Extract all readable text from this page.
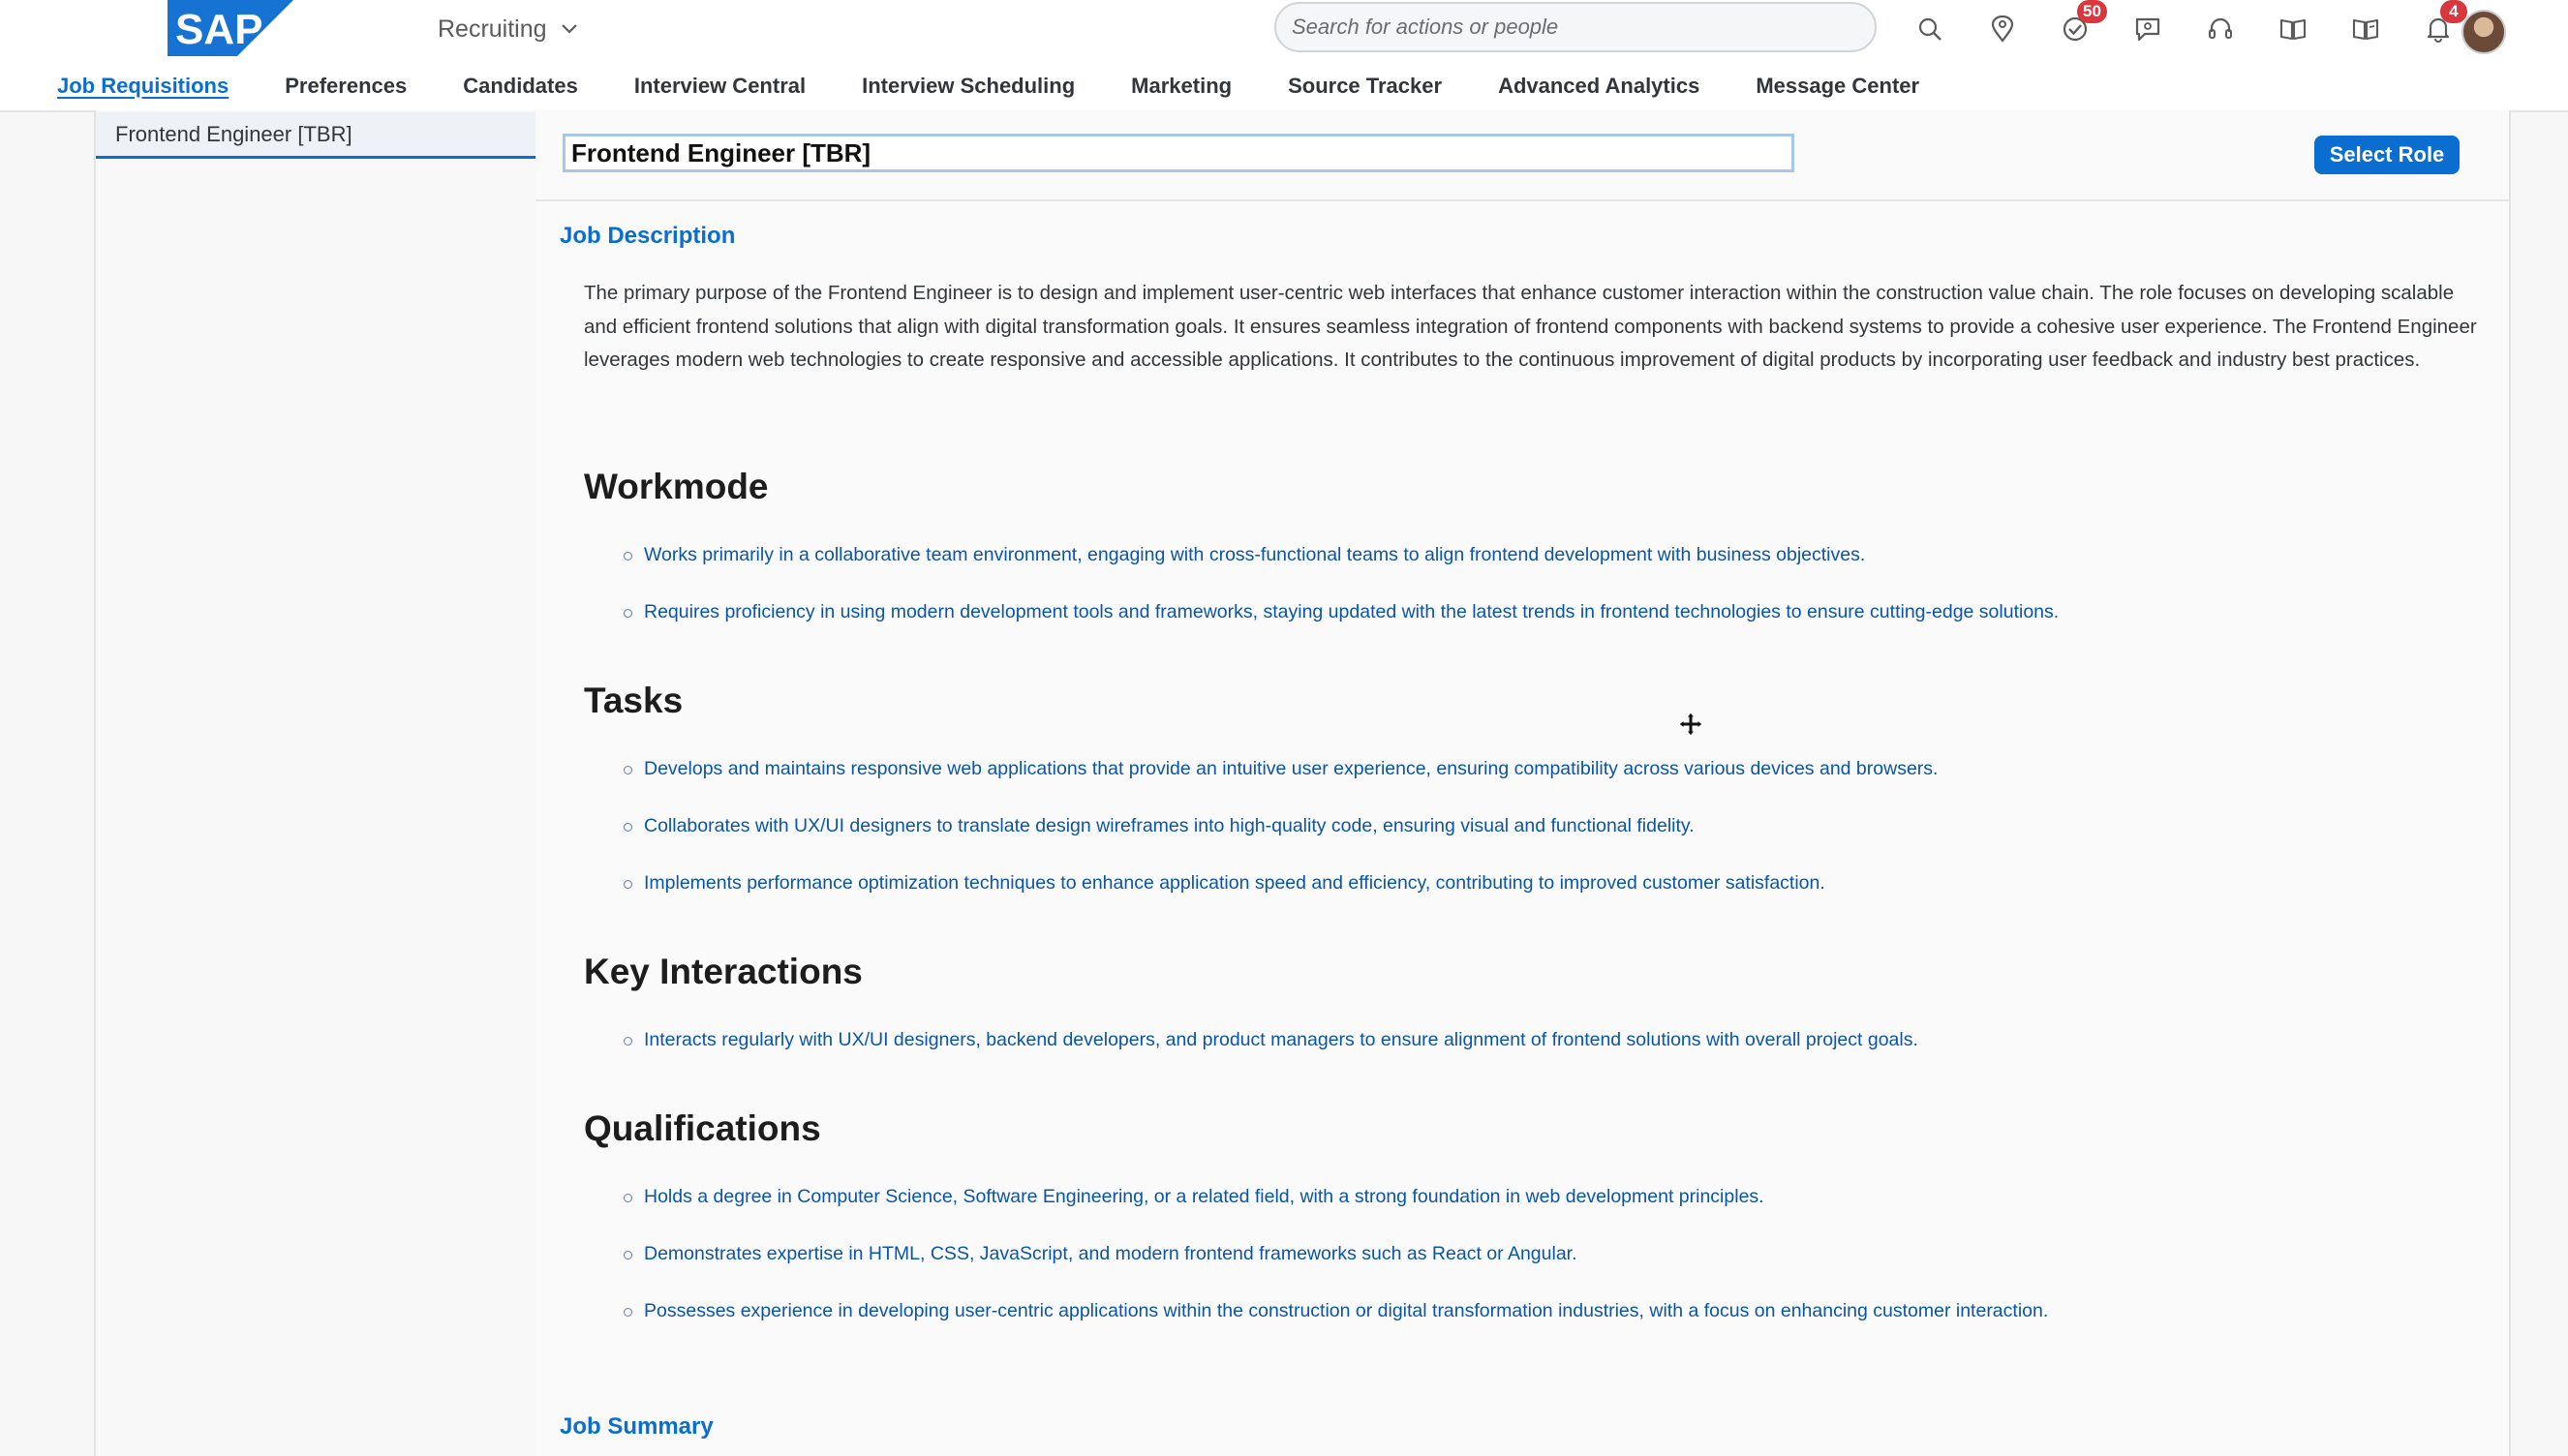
SAP	Recruiting
Search for actions or people
50	4
Job Requisitions	Preferences	Candidates	Interview Central	Interview Scheduling	Marketing	Source Tracker	Advanced Analytics	Message Center
Frontend Engineer [TBR]
Frontend Engineer [TBR]
Select Role
Job Description

The primary purpose of the Frontend Engineer is to design and implement user-centric web interfaces that enhance customer interaction within the construction value chain. The role focuses on developing scalable and efficient frontend solutions that align with digital transformation goals. It ensures seamless integration of frontend components with backend systems to provide a cohesive user experience. The Frontend Engineer leverages modern web technologies to create responsive and accessible applications. It contributes to the continuous improvement of digital products by incorporating user feedback and industry best practices.

Workmode
Works primarily in a collaborative team environment, engaging with cross-functional teams to align frontend development with business objectives.
Requires proficiency in using modern development tools and frameworks, staying updated with the latest trends in frontend technologies to ensure cutting-edge solutions.
Tasks
Develops and maintains responsive web applications that provide an intuitive user experience, ensuring compatibility across various devices and browsers.
Collaborates with UX/UI designers to translate design wireframes into high-quality code, ensuring visual and functional fidelity.
Implements performance optimization techniques to enhance application speed and efficiency, contributing to improved customer satisfaction.
Key Interactions
Interacts regularly with UX/UI designers, backend developers, and product managers to ensure alignment of frontend solutions with overall project goals.
Qualifications
Holds a degree in Computer Science, Software Engineering, or a related field, with a strong foundation in web development principles.
Demonstrates expertise in HTML, CSS, JavaScript, and modern frontend frameworks such as React or Angular.
Possesses experience in developing user-centric applications within the construction or digital transformation industries, with a focus on enhancing customer interaction.
Job Summary
